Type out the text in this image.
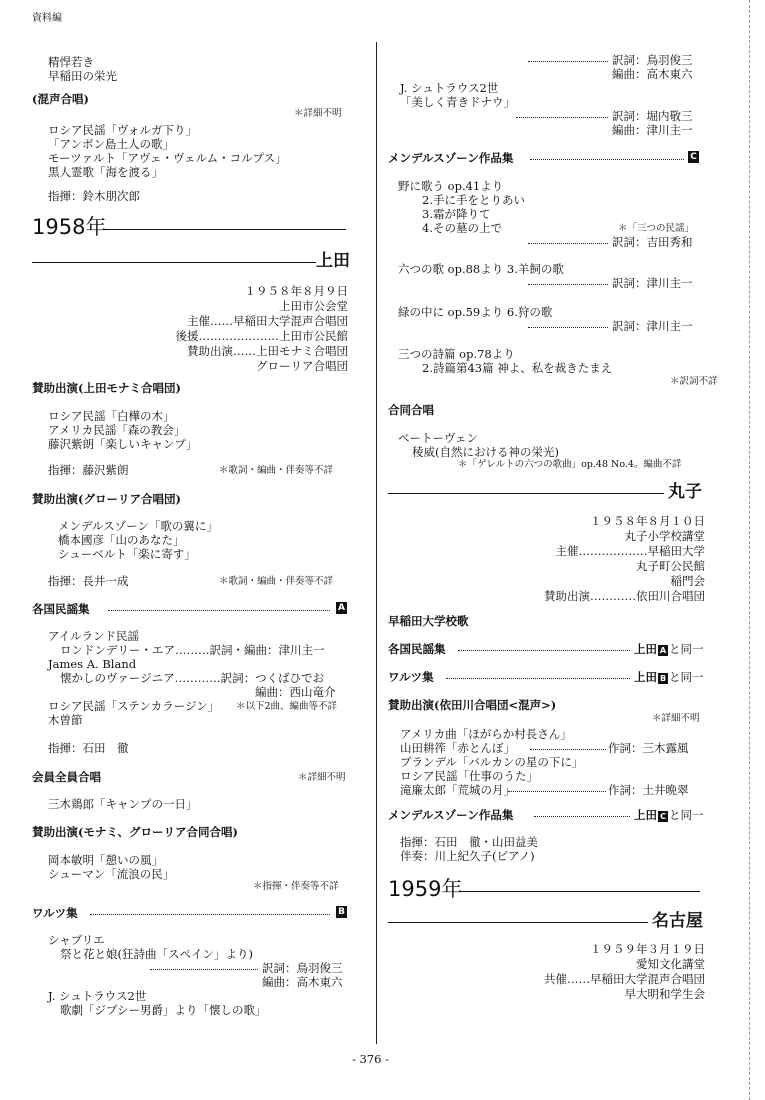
資料編
精悍若き
早稲田の栄光
(混声合唱)
＊詳細不明
ロシア民謡「ヴォルガ下り」
「アンボン島土人の歌」
モーツァルト「アヴェ・ヴェルム・コルプス」
黒人霊歌「海を渡る」
指揮：鈴木朋次郎
1958年
上田
１９５８年８月９日
上田市公会堂
主催……早稲田大学混声合唱団
後援…………………上田市公民館
賛助出演……上田モナミ合唱団
グローリア合唱団
賛助出演(上田モナミ合唱団)
ロシア民謡「白樺の木」
アメリカ民謡「森の教会」
藤沢紫朗「楽しいキャンプ」
指揮：藤沢紫朗	＊歌詞・編曲・伴奏等不詳
賛助出演(グローリア合唱団)
メンデルスゾーン「歌の翼に」
橋本國彦「山のあなた」
シューベルト「楽に寄す」
指揮：長井一成	＊歌詞・編曲・伴奏等不詳
各国民謡集	A
アイルランド民謡
ロンドンデリー・エア………訳詞・編曲：津川主一
James A. Bland
懐かしのヴァージニア…………訳詞：つくばひでお
編曲：西山竜介
ロシア民謡「ステンカラージン」 ＊以下2曲、編曲等不詳
木曽節
指揮：石田　徹
会員全員合唱	＊詳細不明
三木鶏郎「キャンプの一日」
賛助出演(モナミ、グローリア合同合唱)
岡本敏明「憩いの風」
シューマン「流浪の民」
＊指揮・伴奏等不詳
ワルツ集	B
シャブリエ
祭と花と娘(狂詩曲「スペイン」より)
訳詞：鳥羽俊三
編曲：高木東六
J. シュトラウス2世
歌劇「ジプシー男爵」より「懐しの歌」
訳詞：鳥羽俊三
編曲：高木東六
J. シュトラウス2世
「美しく青きドナウ」
訳詞：堀内敬三
編曲：津川主一
メンデルスゾーン作品集	C
野に歌う op.41より
2.手に手をとりあい
3.霜が降りて
4.その墓の上で	＊「三つの民謡」
訳詞：吉田秀和
六つの歌 op.88より 3.羊飼の歌
訳詞：津川主一
緑の中に op.59より 6.狩の歌
訳詞：津川主一
三つの詩篇 op.78より
2.詩篇第43篇 神よ、私を裁きたまえ
＊訳詞不詳
合同合唱
ベートーヴェン
稜威(自然における神の栄光)
＊「ゲレルトの六つの歌曲」op.48 No.4。編曲不詳
丸子
１９５８年８月１０日
丸子小学校講堂
主催………………早稲田大学
丸子町公民館
稲門会
賛助出演…………依田川合唱団
早稲田大学校歌
各国民謡集	上田 A と同一
ワルツ集	上田 B と同一
賛助出演(依田川合唱団<混声>)
＊詳細不明
アメリカ曲「ほがらか村長さん」
山田耕筰「赤とんぼ」	作詞：三木露風
ブランデル「バルカンの星の下に」
ロシア民謡「仕事のうた」
滝廉太郎「荒城の月」	作詞：土井晩翠
メンデルスゾーン作品集	上田 C と同一
指揮：石田　徹・山田益美
伴奏：川上紀久子(ピアノ)
1959年
名古屋
１９５９年３月１９日
愛知文化講堂
共催……早稲田大学混声合唱団
早大明和学生会
- 376 -
